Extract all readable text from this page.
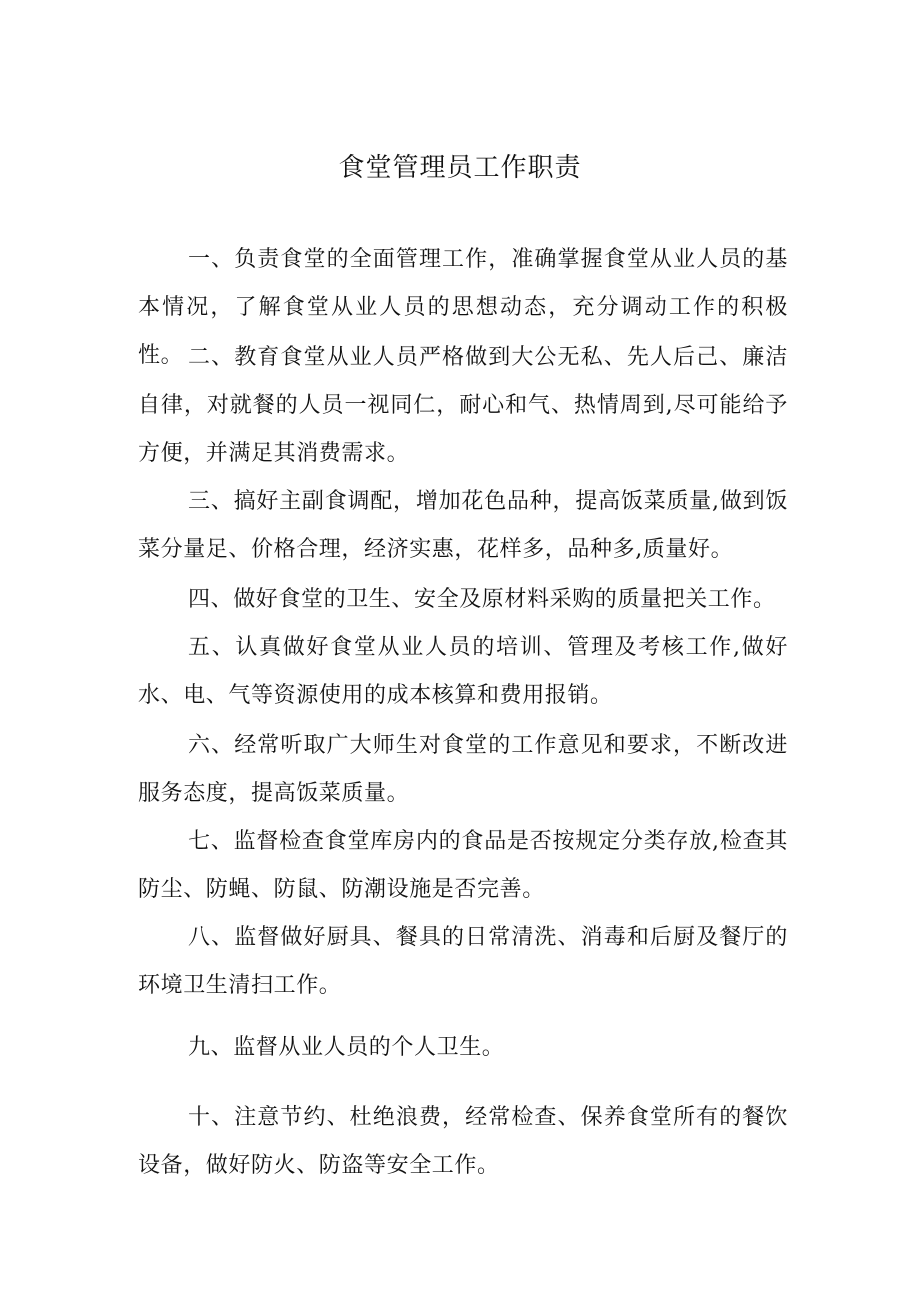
食堂管理员工作职责

一、负责食堂的全面管理工作，准确掌握食堂从业人员的基本情况，了解食堂从业人员的思想动态，充分调动工作的积极性。 二、教育食堂从业人员严格做到大公无私、先人后己、廉洁自律，对就餐的人员一视同仁，耐心和气、热情周到,尽可能给予方便，并满足其消费需求。

三、搞好主副食调配，增加花色品种，提高饭菜质量,做到饭菜分量足、价格合理，经济实惠，花样多，品种多,质量好。

四、做好食堂的卫生、安全及原材料采购的质量把关工作。

五、认真做好食堂从业人员的培训、管理及考核工作,做好水、电、气等资源使用的成本核算和费用报销。

六、经常听取广大师生对食堂的工作意见和要求，不断改进服务态度，提高饭菜质量。

七、监督检查食堂库房内的食品是否按规定分类存放,检查其防尘、防蝇、防鼠、防潮设施是否完善。

八、监督做好厨具、餐具的日常清洗、消毒和后厨及餐厅的环境卫生清扫工作。

九、监督从业人员的个人卫生。

十、注意节约、杜绝浪费，经常检查、保养食堂所有的餐饮设备，做好防火、防盗等安全工作。
